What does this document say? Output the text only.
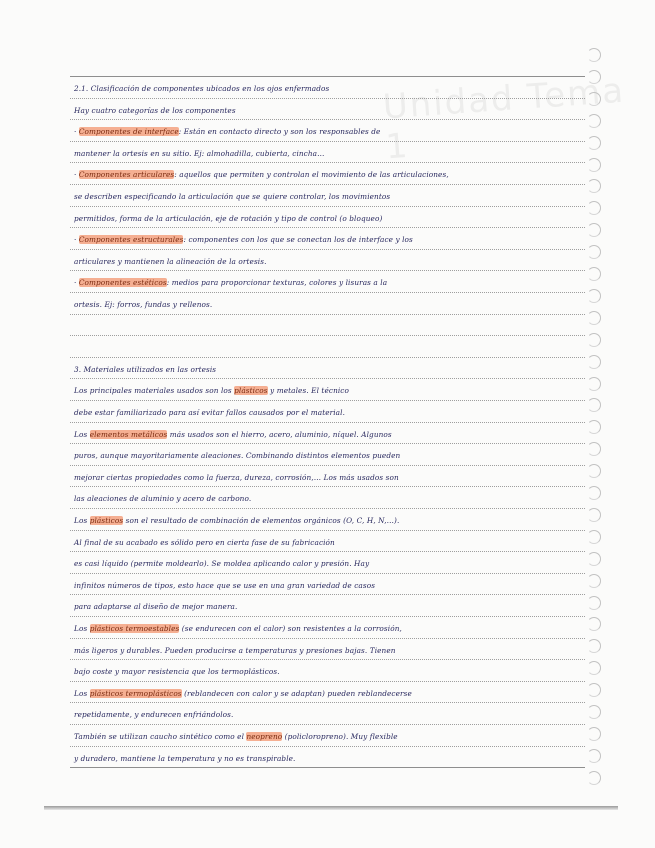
Unidad Tema 1
2.1. Clasificación de componentes ubicados en los ojos enfermados
Hay cuatro categorías de los componentes
· Componentes de interface: Están en contacto directo y son los responsables de
mantener la ortesis en su sitio. Ej: almohadilla, cubierta, cincha…
· Componentes articulares: aquellos que permiten y controlan el movimiento de las articulaciones,
se describen especificando la articulación que se quiere controlar, los movimientos
permitidos, forma de la articulación, eje de rotación y tipo de control (o bloqueo)
· Componentes estructurales: componentes con los que se conectan los de interface y los
articulares y mantienen la alineación de la ortesis.
· Componentes estéticos: medios para proporcionar texturas, colores y lisuras a la
ortesis. Ej: forros, fundas y rellenos.
3. Materiales utilizados en las ortesis
Los principales materiales usados son los plásticos y metales. El técnico
debe estar familiarizado para así evitar fallos causados por el material.
Los elementos metálicos más usados son el hierro, acero, aluminio, níquel. Algunos
puros, aunque mayoritariamente aleaciones. Combinando distintos elementos pueden
mejorar ciertas propiedades como la fuerza, dureza, corrosión,… Los más usados son
las aleaciones de aluminio y acero de carbono.
Los plásticos son el resultado de combinación de elementos orgánicos (O, C, H, N,…).
Al final de su acabado es sólido pero en cierta fase de su fabricación
es casi líquido (permite moldearlo). Se moldea aplicando calor y presión. Hay
infinitos números de tipos, esto hace que se use en una gran variedad de casos
para adaptarse al diseño de mejor manera.
Los plásticos termoestables (se endurecen con el calor) son resistentes a la corrosión,
más ligeros y durables. Pueden producirse a temperaturas y presiones bajas. Tienen
bajo coste y mayor resistencia que los termoplásticos.
Los plásticos termoplásticos (reblandecen con calor y se adaptan) pueden reblandecerse
repetidamente, y endurecen enfriándolos.
También se utilizan caucho sintético como el neopreno (policloropreno). Muy flexible
y duradero, mantiene la temperatura y no es transpirable.
